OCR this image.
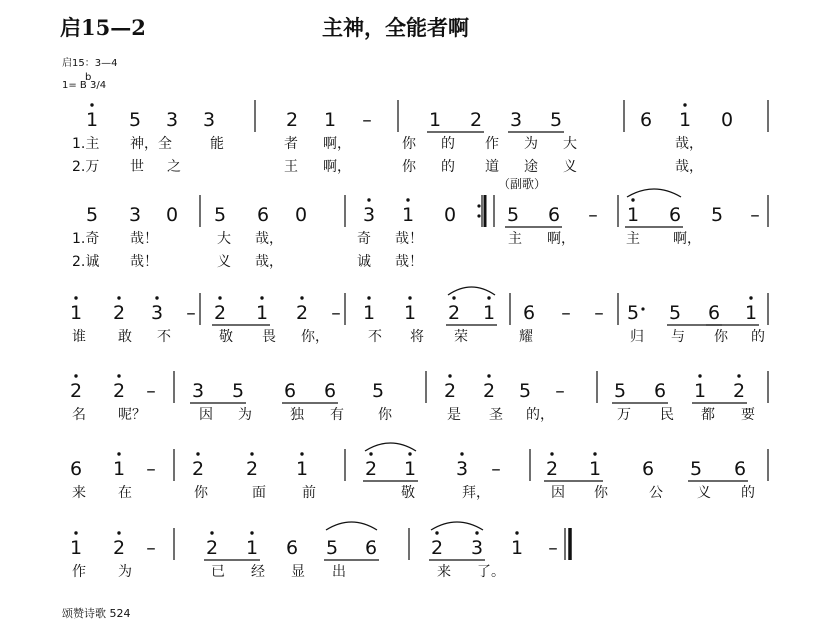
启15—2	主神，全能者啊
启15：3—4
b
1= B 3/4
1 5 3 3	2 1 –	1 2 3 5	6 1 0
1.主 神，全	能	者 啊，	你 的 作 为 大	哉，
2.万 世 之	王 啊，	你 的 道 途 义	哉，
（副歌）
5 3 0 5 6 0	3 1 0	5 6 – 1 6 5 –
1.奇 哉！	大 哉，	奇 哉！	主 啊，	主 啊，
2.诚 哉！	义 哉，	诚 哉！
1 2 3 – 2 1 2 – 1 1 2 1 6 – – 5 5 6 1
谁 敢 不	敬 畏 你，	不 将 荣	耀	归 与 你 的
2 2 – 3 5 6 6 5	2 2 5 –	5 6 1 2
名 呢？	因 为	独 有 你	是 圣 的，	万 民 都 要
6 1 – 2 2 1	2 1 3 – 2 1 6 5 6
来 在	你	面	前	敬	拜，	因 你	公 义 的
1 2 –	2 1 6 5 6	2 3 1 –
作 为	已 经 显 出	来 了。
颂赞诗歌 524
